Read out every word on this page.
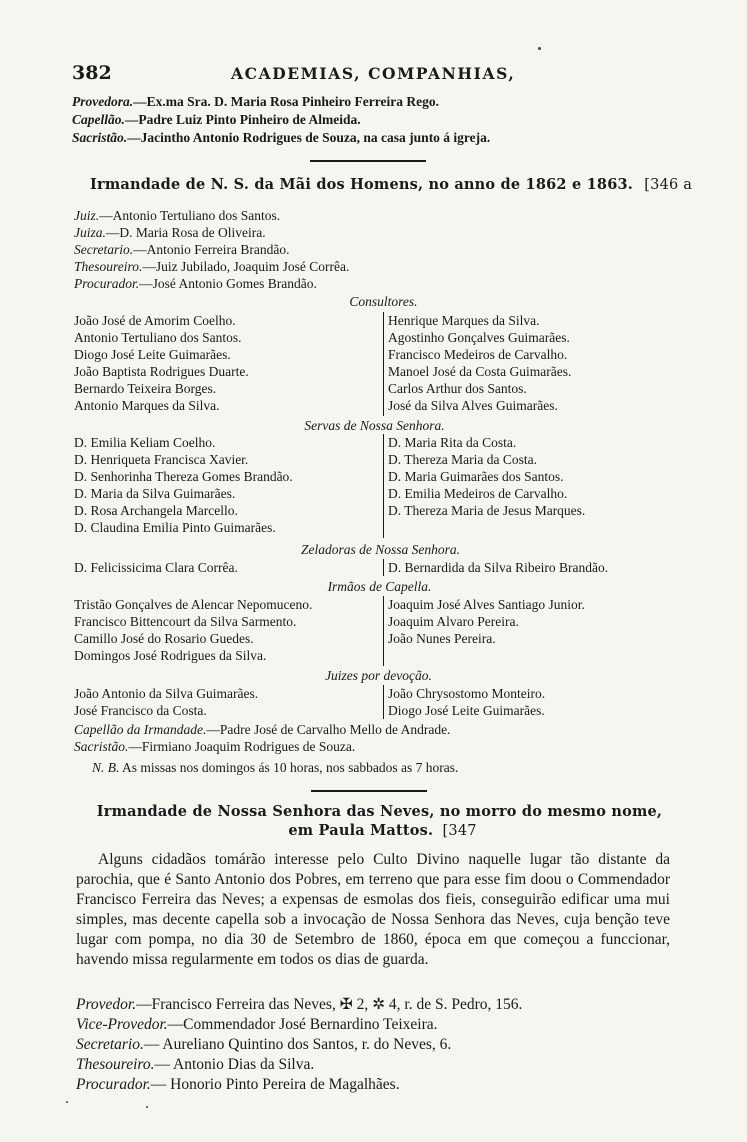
382	ACADEMIAS, COMPANHIAS,
Provedora.—Ex.ma Sra. D. Maria Rosa Pinheiro Ferreira Rego.
Capellão.—Padre Luiz Pinto Pinheiro de Almeida.
Sacristão.—Jacintho Antonio Rodrigues de Souza, na casa junto á igreja.
Irmandade de N. S. da Mãi dos Homens, no anno de 1862 e 1863. [346 a
Juiz.—Antonio Tertuliano dos Santos.
Juiza.—D. Maria Rosa de Oliveira.
Secretario.—Antonio Ferreira Brandão.
Thesoureiro.—Juiz Jubilado, Joaquim José Corrêa.
Procurador.—José Antonio Gomes Brandão.
Consultores.
João José de Amorim Coelho.
Antonio Tertuliano dos Santos.
Diogo José Leite Guimarães.
João Baptista Rodrigues Duarte.
Bernardo Teixeira Borges.
Antonio Marques da Silva.
Henrique Marques da Silva.
Agostinho Gonçalves Guimarães.
Francisco Medeiros de Carvalho.
Manoel José da Costa Guimarães.
Carlos Arthur dos Santos.
José da Silva Alves Guimarães.
Servas de Nossa Senhora.
D. Emilia Keliam Coelho.
D. Henriqueta Francisca Xavier.
D. Senhorinha Thereza Gomes Brandão.
D. Maria da Silva Guimarães.
D. Rosa Archangela Marcello.
D. Claudina Emilia Pinto Guimarães.
D. Maria Rita da Costa.
D. Thereza Maria da Costa.
D. Maria Guimarães dos Santos.
D. Emilia Medeiros de Carvalho.
D. Thereza Maria de Jesus Marques.
Zeladoras de Nossa Senhora.
D. Felicissicima Clara Corrêa.	D. Bernardida da Silva Ribeiro Brandão.
Irmãos de Capella.
Tristão Gonçalves de Alencar Nepomuceno.
Francisco Bittencourt da Silva Sarmento.
Camillo José do Rosario Guedes.
Domingos José Rodrigues da Silva.
Joaquim José Alves Santiago Junior.
Joaquim Alvaro Pereira.
João Nunes Pereira.
Juizes por devoção.
João Antonio da Silva Guimarães.
José Francisco da Costa.
João Chrysostomo Monteiro.
Diogo José Leite Guimarães.
Capellão da Irmandade.—Padre José de Carvalho Mello de Andrade.
Sacristão.—Firmiano Joaquim Rodrigues de Souza.
N. B. As missas nos domingos ás 10 horas, nos sabbados as 7 horas.
Irmandade de Nossa Senhora das Neves, no morro do mesmo nome,
em Paula Mattos. [347
Alguns cidadãos tomárão interesse pelo Culto Divino naquelle lugar tão distante da parochia, que é Santo Antonio dos Pobres, em terreno que para esse fim doou o Commendador Francisco Ferreira das Neves; a expensas de esmolas dos fieis, conseguirão edificar uma mui simples, mas decente capella sob a invocação de Nossa Senhora das Neves, cuja benção teve lugar com pompa, no dia 30 de Setembro de 1860, época em que começou a funccionar, havendo missa regularmente em todos os dias de guarda.
Provedor.—Francisco Ferreira das Neves, ✠ 2, ✲ 4, r. de S. Pedro, 156.
Vice-Provedor.—Commendador José Bernardino Teixeira.
Secretario.— Aureliano Quintino dos Santos, r. do Neves, 6.
Thesoureiro.— Antonio Dias da Silva.
Procurador.— Honorio Pinto Pereira de Magalhães.
